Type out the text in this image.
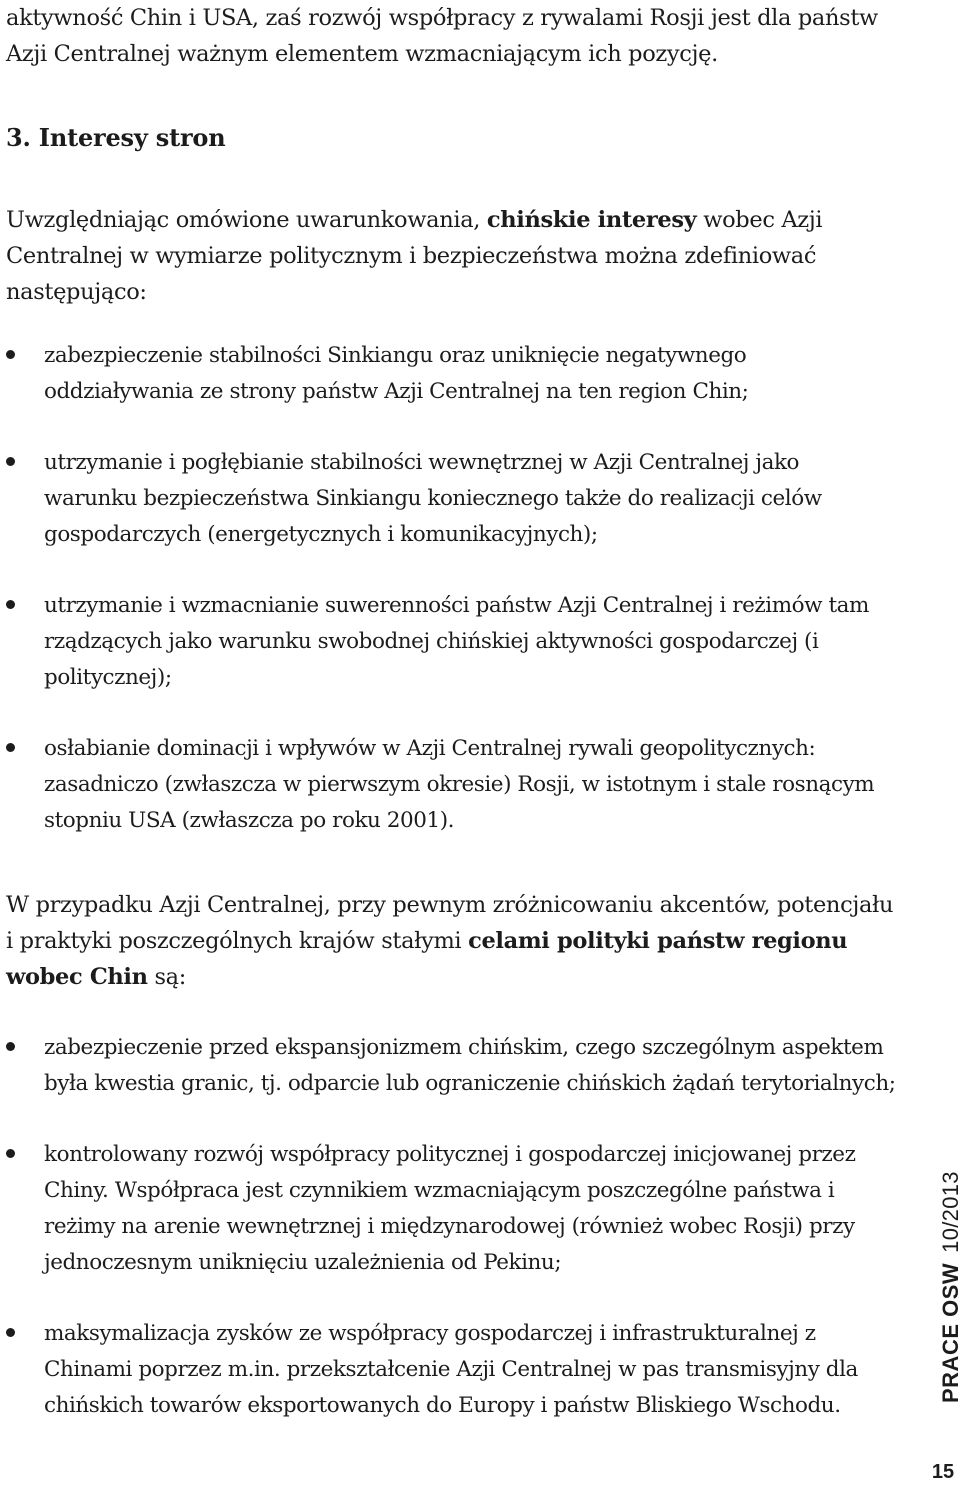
aktywność Chin i USA, zaś rozwój współpracy z rywalami Rosji jest dla państw Azji Centralnej ważnym elementem wzmacniającym ich pozycję.

3. Interesy stron

Uwzględniając omówione uwarunkowania, chińskie interesy wobec Azji Centralnej w wymiarze politycznym i bezpieczeństwa można zdefiniować następująco:

zabezpieczenie stabilności Sinkiangu oraz uniknięcie negatywnego oddziaływania ze strony państw Azji Centralnej na ten region Chin;
utrzymanie i pogłębianie stabilności wewnętrznej w Azji Centralnej jako warunku bezpieczeństwa Sinkiangu koniecznego także do realizacji celów gospodarczych (energetycznych i komunikacyjnych);
utrzymanie i wzmacnianie suwerenności państw Azji Centralnej i reżimów tam rządzących jako warunku swobodnej chińskiej aktywności gospodarczej (i politycznej);
osłabianie dominacji i wpływów w Azji Centralnej rywali geopolitycznych: zasadniczo (zwłaszcza w pierwszym okresie) Rosji, w istotnym i stale rosnącym stopniu USA (zwłaszcza po roku 2001).

W przypadku Azji Centralnej, przy pewnym zróżnicowaniu akcentów, potencjału i praktyki poszczególnych krajów stałymi celami polityki państw regionu wobec Chin są:

zabezpieczenie przed ekspansjonizmem chińskim, czego szczególnym aspektem była kwestia granic, tj. odparcie lub ograniczenie chińskich żądań terytorialnych;
kontrolowany rozwój współpracy politycznej i gospodarczej inicjowanej przez Chiny. Współpraca jest czynnikiem wzmacniającym poszczególne państwa i reżimy na arenie wewnętrznej i międzynarodowej (również wobec Rosji) przy jednoczesnym uniknięciu uzależnienia od Pekinu;
maksymalizacja zysków ze współpracy gospodarczej i infrastrukturalnej z Chinami poprzez m.in. przekształcenie Azji Centralnej w pas transmisyjny dla chińskich towarów eksportowanych do Europy i państw Bliskiego Wschodu.
PRACE OSW10/2013
15
